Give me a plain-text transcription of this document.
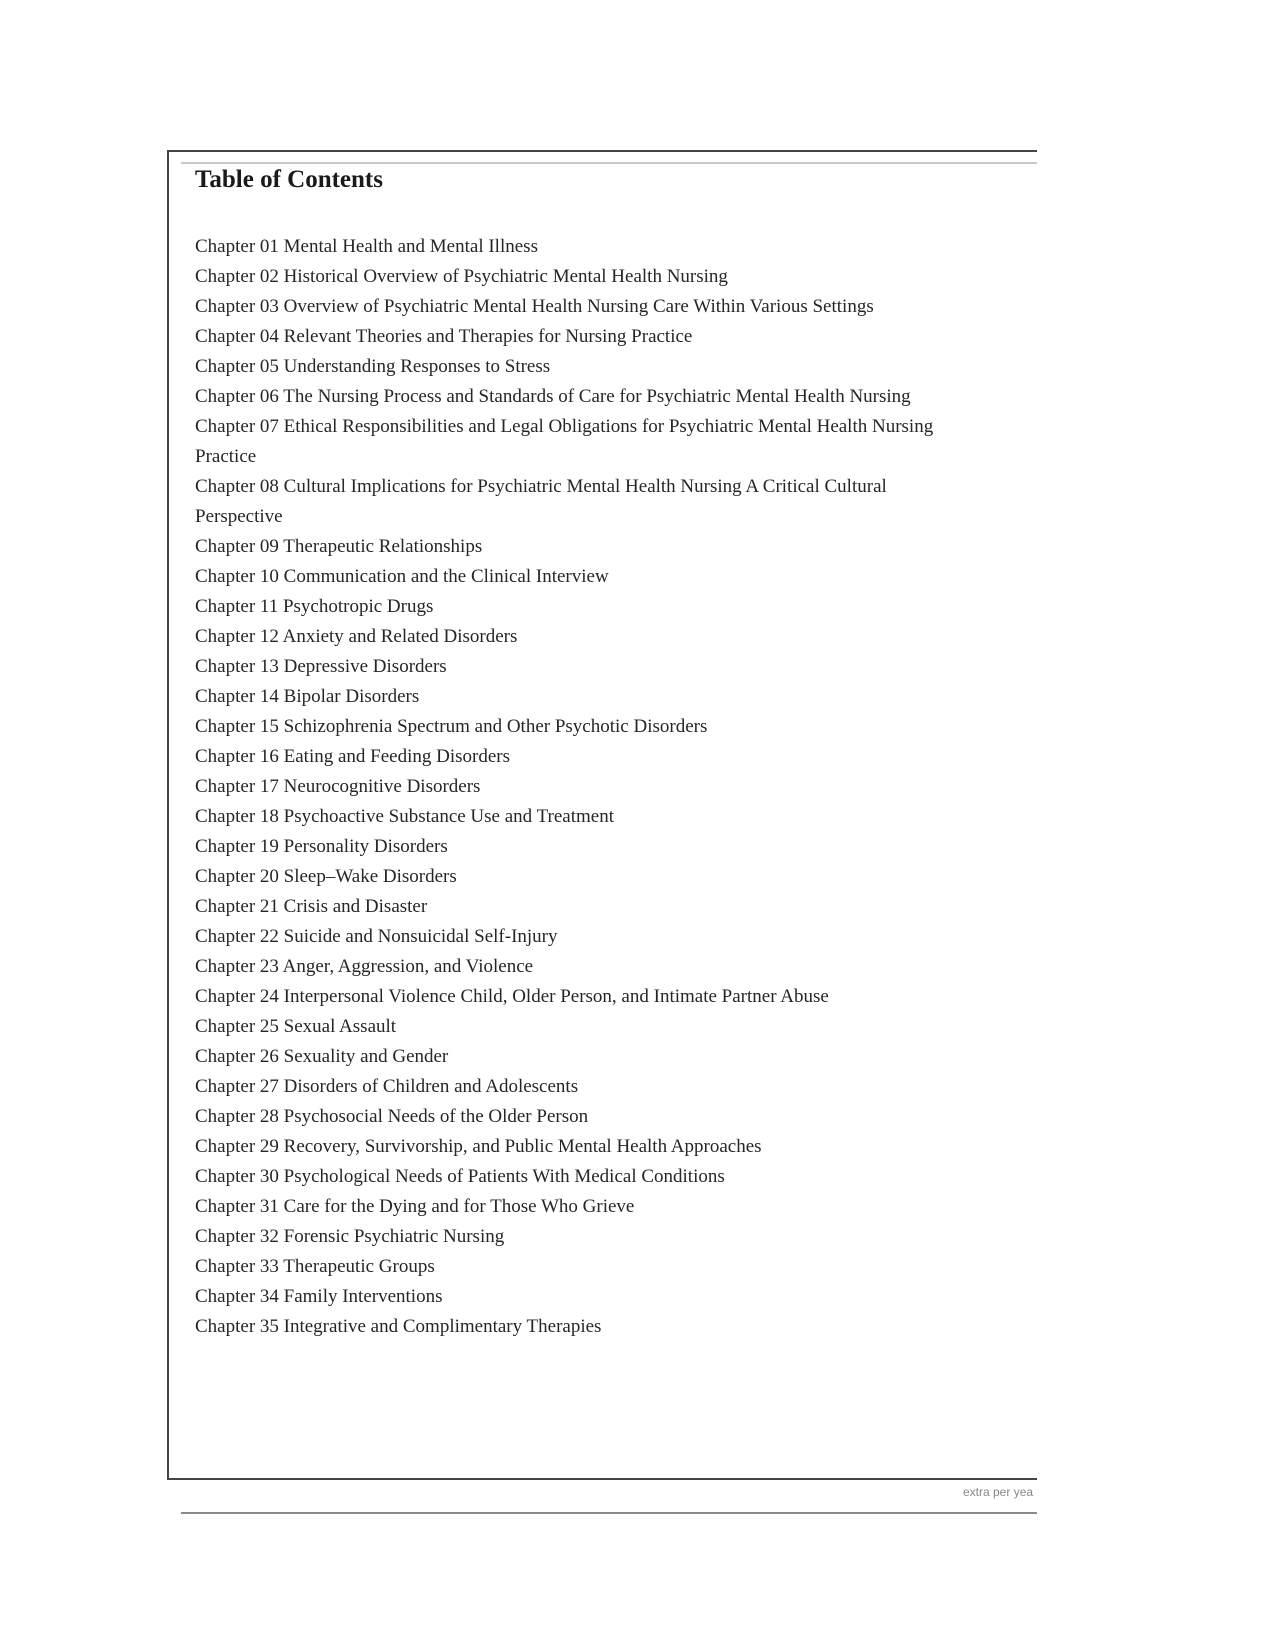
Table of Contents
Chapter 01 Mental Health and Mental Illness
Chapter 02 Historical Overview of Psychiatric Mental Health Nursing
Chapter 03 Overview of Psychiatric Mental Health Nursing Care Within Various Settings
Chapter 04 Relevant Theories and Therapies for Nursing Practice
Chapter 05 Understanding Responses to Stress
Chapter 06 The Nursing Process and Standards of Care for Psychiatric Mental Health Nursing
Chapter 07 Ethical Responsibilities and Legal Obligations for Psychiatric Mental Health Nursing Practice
Chapter 08 Cultural Implications for Psychiatric Mental Health Nursing A Critical Cultural Perspective
Chapter 09 Therapeutic Relationships
Chapter 10 Communication and the Clinical Interview
Chapter 11 Psychotropic Drugs
Chapter 12 Anxiety and Related Disorders
Chapter 13 Depressive Disorders
Chapter 14 Bipolar Disorders
Chapter 15 Schizophrenia Spectrum and Other Psychotic Disorders
Chapter 16 Eating and Feeding Disorders
Chapter 17 Neurocognitive Disorders
Chapter 18 Psychoactive Substance Use and Treatment
Chapter 19 Personality Disorders
Chapter 20 Sleep–Wake Disorders
Chapter 21 Crisis and Disaster
Chapter 22 Suicide and Nonsuicidal Self-Injury
Chapter 23 Anger, Aggression, and Violence
Chapter 24 Interpersonal Violence Child, Older Person, and Intimate Partner Abuse
Chapter 25 Sexual Assault
Chapter 26 Sexuality and Gender
Chapter 27 Disorders of Children and Adolescents
Chapter 28 Psychosocial Needs of the Older Person
Chapter 29 Recovery, Survivorship, and Public Mental Health Approaches
Chapter 30 Psychological Needs of Patients With Medical Conditions
Chapter 31 Care for the Dying and for Those Who Grieve
Chapter 32 Forensic Psychiatric Nursing
Chapter 33 Therapeutic Groups
Chapter 34 Family Interventions
Chapter 35 Integrative and Complimentary Therapies
extra per yea
